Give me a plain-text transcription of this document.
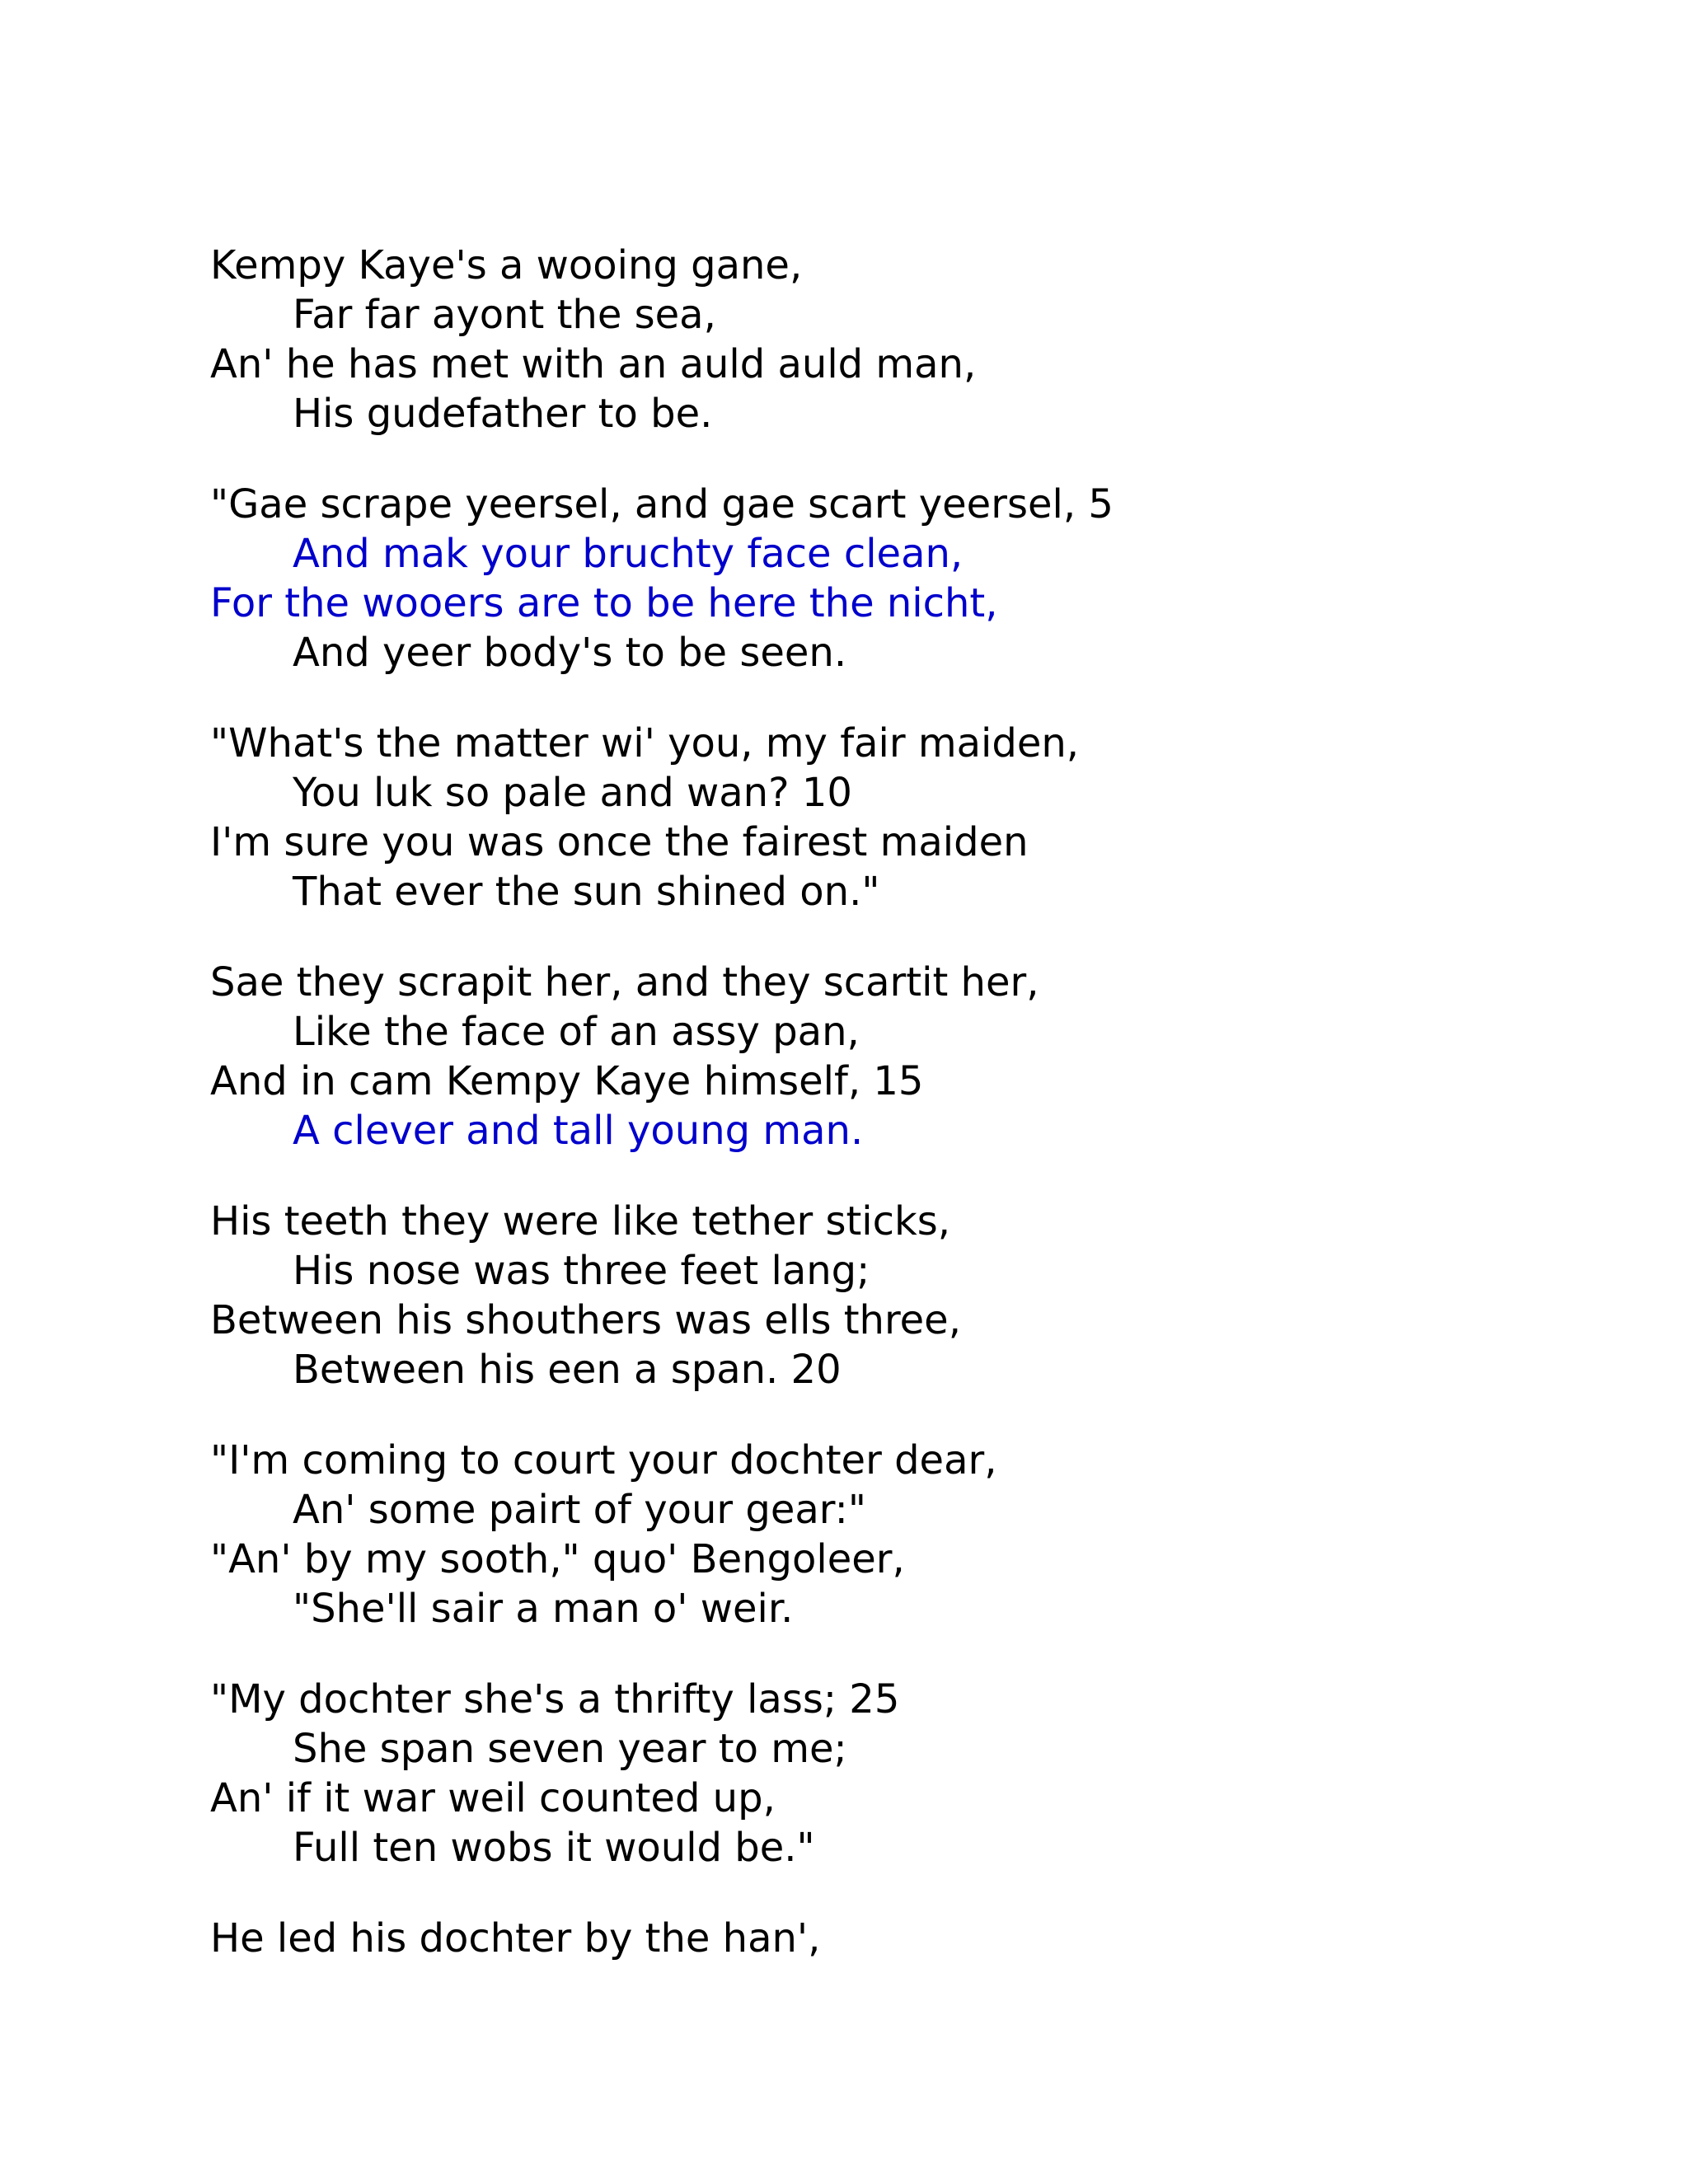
Kempy Kaye's a wooing gane,
Far far ayont the sea,
An' he has met with an auld auld man,
His gudefather to be.
"Gae scrape yeersel, and gae scart yeersel, 5
And mak your bruchty face clean,
For the wooers are to be here the nicht,
And yeer body's to be seen.
"What's the matter wi' you, my fair maiden,
You luk so pale and wan? 10
I'm sure you was once the fairest maiden
That ever the sun shined on."
Sae they scrapit her, and they scartit her,
Like the face of an assy pan,
And in cam Kempy Kaye himself, 15
A clever and tall young man.
His teeth they were like tether sticks,
His nose was three feet lang;
Between his shouthers was ells three,
Between his een a span. 20
"I'm coming to court your dochter dear,
An' some pairt of your gear:"
"An' by my sooth," quo' Bengoleer,
"She'll sair a man o' weir.
"My dochter she's a thrifty lass; 25
She span seven year to me;
An' if it war weil counted up,
Full ten wobs it would be."
He led his dochter by the han',
